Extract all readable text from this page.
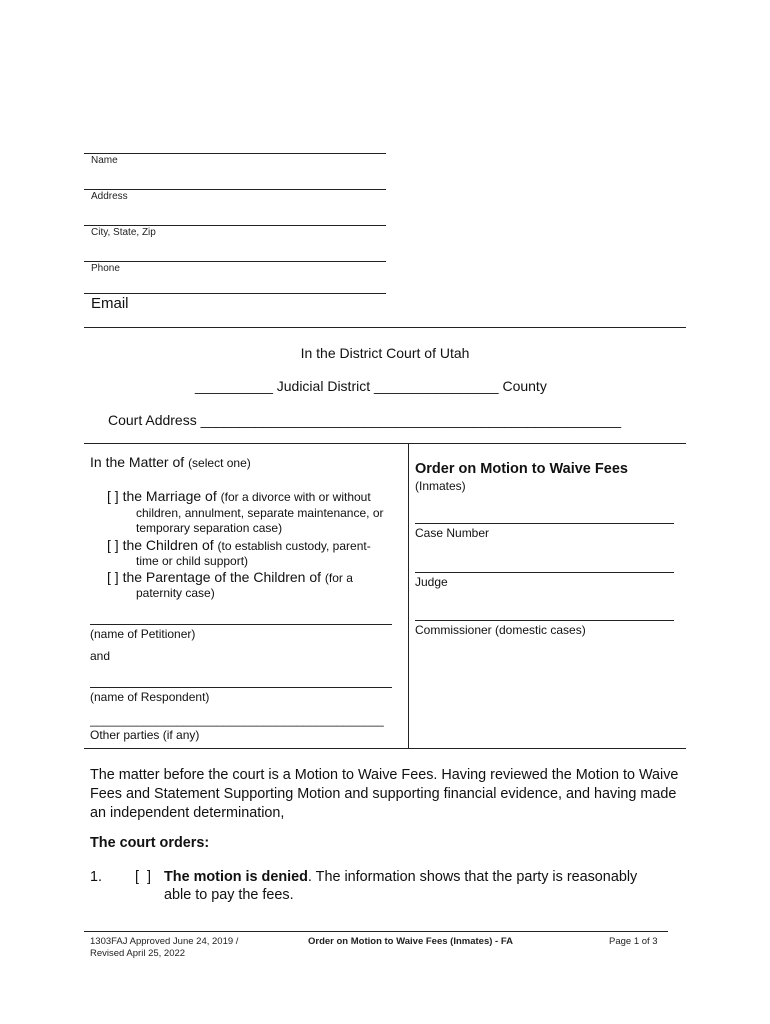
Name
Address
City, State, Zip
Phone
Email
In the District Court of Utah
__________ Judicial District ________________ County
Court Address ______________________________________________________
In the Matter of (select one)
[ ] the Marriage of (for a divorce with or without
children, annulment, separate maintenance, or
temporary separation case)
[ ] the Children of (to establish custody, parent-
time or child support)
[ ] the Parentage of the Children of (for a
paternity case)
(name of Petitioner)
and
(name of Respondent)
____________________________________________
Other parties (if any)
Order on Motion to Waive Fees
(Inmates)
Case Number
Judge
Commissioner (domestic cases)
The matter before the court is a Motion to Waive Fees. Having reviewed the Motion to Waive Fees and Statement Supporting Motion and supporting financial evidence, and having made an independent determination,
The court orders:
1. [  ] The motion is denied. The information shows that the party is reasonably
able to pay the fees.
1303FAJ Approved June 24, 2019 /
Revised April 25, 2022
Order on Motion to Waive Fees (Inmates) - FA	Page 1 of 3
